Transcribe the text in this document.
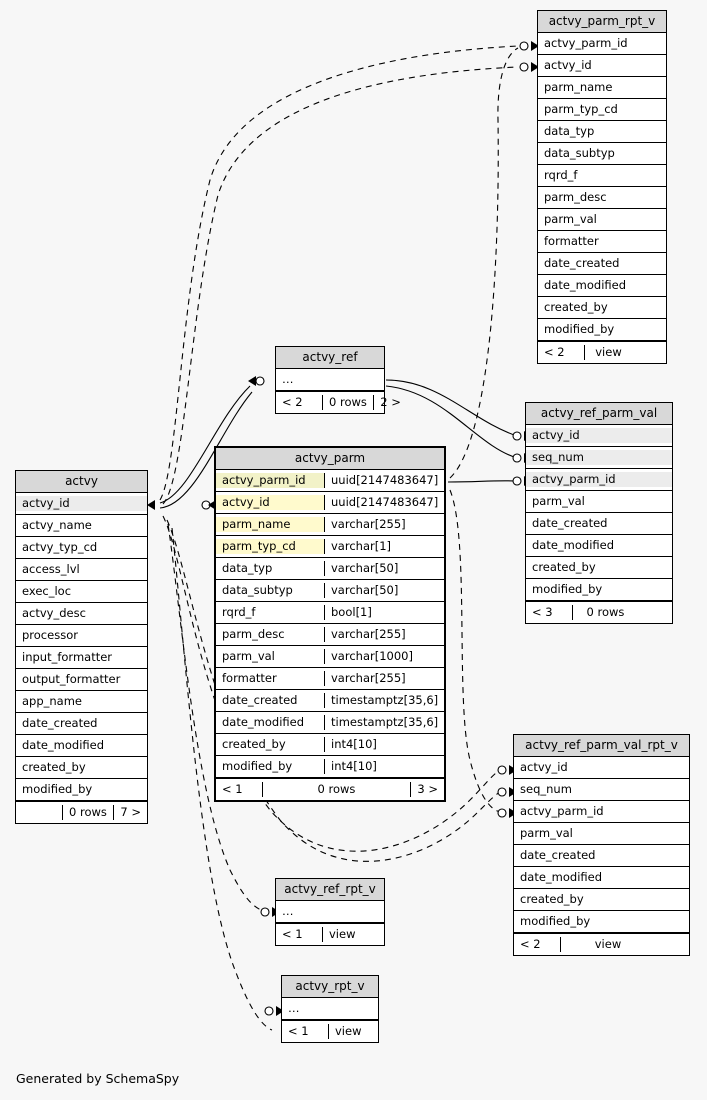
actvy_parm_rpt_v
actvy_parm_id
actvy_id
parm_name
parm_typ_cd
data_typ
data_subtyp
rqrd_f
parm_desc
parm_val
formatter
date_created
date_modified
created_by
modified_by
< 2	view
actvy_ref
…
< 2	0 rows	2 >
actvy_ref_parm_val
actvy_id
seq_num
actvy_parm_id
parm_val
date_created
date_modified
created_by
modified_by
< 3	0 rows
actvy_parm
actvy_parm_id	uuid[2147483647]
actvy_id	uuid[2147483647]
parm_name	varchar[255]
parm_typ_cd	varchar[1]
data_typ	varchar[50]
data_subtyp	varchar[50]
rqrd_f	bool[1]
parm_desc	varchar[255]
parm_val	varchar[1000]
formatter	varchar[255]
date_created	timestamptz[35,6]
date_modified	timestamptz[35,6]
created_by	int4[10]
modified_by	int4[10]
< 1	0 rows	3 >
actvy
actvy_id
actvy_name
actvy_typ_cd
access_lvl
exec_loc
actvy_desc
processor
input_formatter
output_formatter
app_name
date_created
date_modified
created_by
modified_by
0 rows	7 >
actvy_ref_parm_val_rpt_v
actvy_id
seq_num
actvy_parm_id
parm_val
date_created
date_modified
created_by
modified_by
< 2	view
actvy_ref_rpt_v
…
< 1	view
actvy_rpt_v
…
< 1	view
Generated by SchemaSpy
